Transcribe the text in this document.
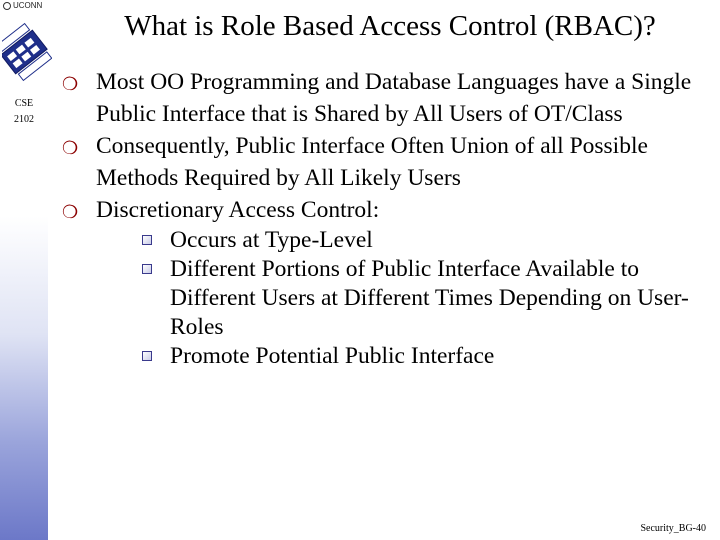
UCONN
CSE
2102
What is Role Based Access Control (RBAC)?
❍ Most OO Programming and Database Languages have a Single Public Interface that is Shared by All Users of OT/Class
❍ Consequently, Public Interface Often Union of all Possible Methods Required by All Likely Users
❍ Discretionary Access Control:
Occurs at Type-Level
Different Portions of Public Interface Available to Different Users at Different Times Depending on User-Roles
Promote Potential Public Interface
Security_BG-40
